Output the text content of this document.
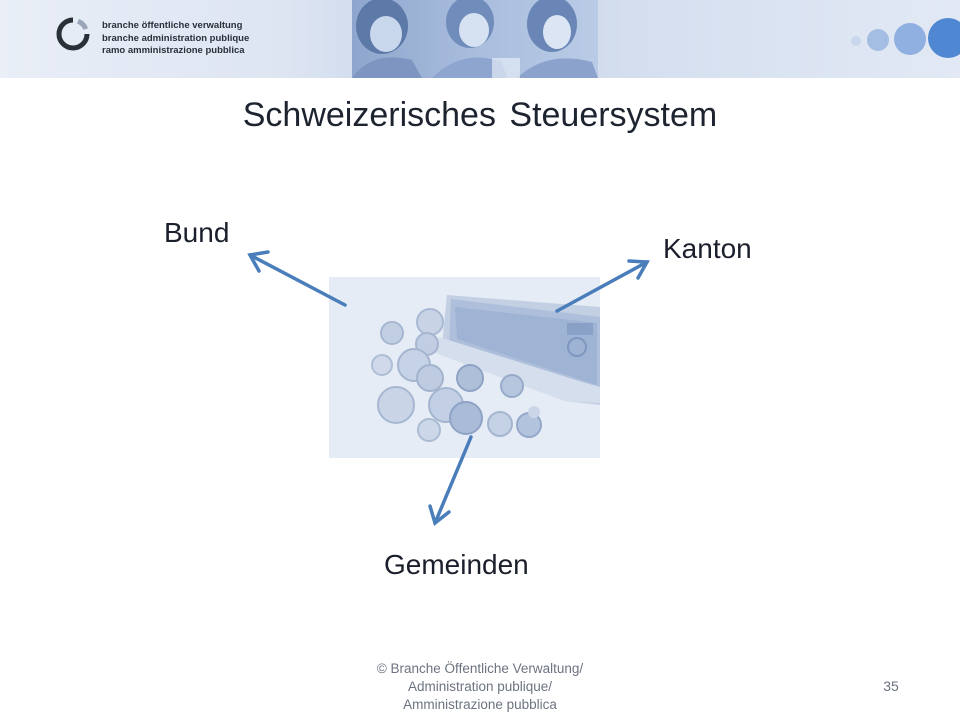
branche öffentliche verwaltung
branche administration publique
ramo amministrazione pubblica
Schweizerisches Steuersystem
Bund
Kanton
Gemeinden
© Branche Öffentliche Verwaltung/
Administration publique/
Amministrazione pubblica
35
